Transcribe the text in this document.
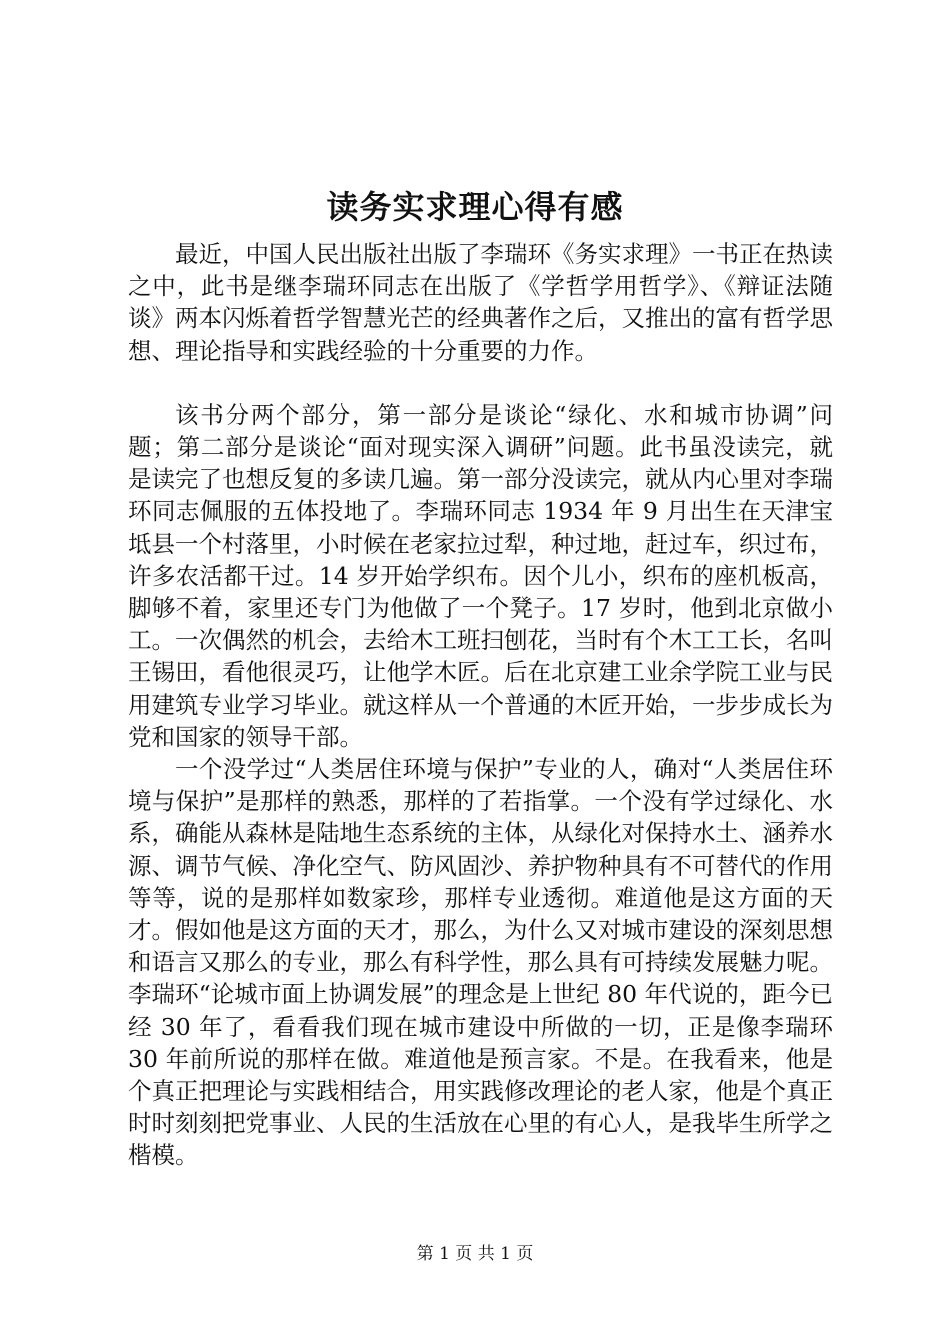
读务实求理心得有感

最近，中国人民出版社出版了李瑞环《务实求理》一书正在热读之中，此书是继李瑞环同志在出版了《学哲学用哲学》、《辩证法随谈》两本闪烁着哲学智慧光芒的经典著作之后，又推出的富有哲学思想、理论指导和实践经验的十分重要的力作。

该书分两个部分，第一部分是谈论“绿化、水和城市协调”问题；第二部分是谈论“面对现实深入调研”问题。此书虽没读完，就是读完了也想反复的多读几遍。第一部分没读完，就从内心里对李瑞环同志佩服的五体投地了。李瑞环同志 1934 年 9 月出生在天津宝坻县一个村落里，小时候在老家拉过犁，种过地，赶过车，织过布，许多农活都干过。14 岁开始学织布。因个儿小，织布的座机板高，脚够不着，家里还专门为他做了一个凳子。17 岁时，他到北京做小工。一次偶然的机会，去给木工班扫刨花，当时有个木工工长，名叫王锡田，看他很灵巧，让他学木匠。后在北京建工业余学院工业与民用建筑专业学习毕业。就这样从一个普通的木匠开始，一步步成长为党和国家的领导干部。

一个没学过“人类居住环境与保护”专业的人，确对“人类居住环境与保护”是那样的熟悉，那样的了若指掌。一个没有学过绿化、水系，确能从森林是陆地生态系统的主体，从绿化对保持水土、涵养水源、调节气候、净化空气、防风固沙、养护物种具有不可替代的作用等等，说的是那样如数家珍，那样专业透彻。难道他是这方面的天才。假如他是这方面的天才，那么，为什么又对城市建设的深刻思想和语言又那么的专业，那么有科学性，那么具有可持续发展魅力呢。李瑞环“论城市面上协调发展”的理念是上世纪 80 年代说的，距今已经 30 年了，看看我们现在城市建设中所做的一切，正是像李瑞环 30 年前所说的那样在做。难道他是预言家。不是。在我看来，他是个真正把理论与实践相结合，用实践修改理论的老人家，他是个真正时时刻刻把党事业、人民的生活放在心里的有心人，是我毕生所学之楷模。

第 1 页 共 1 页
